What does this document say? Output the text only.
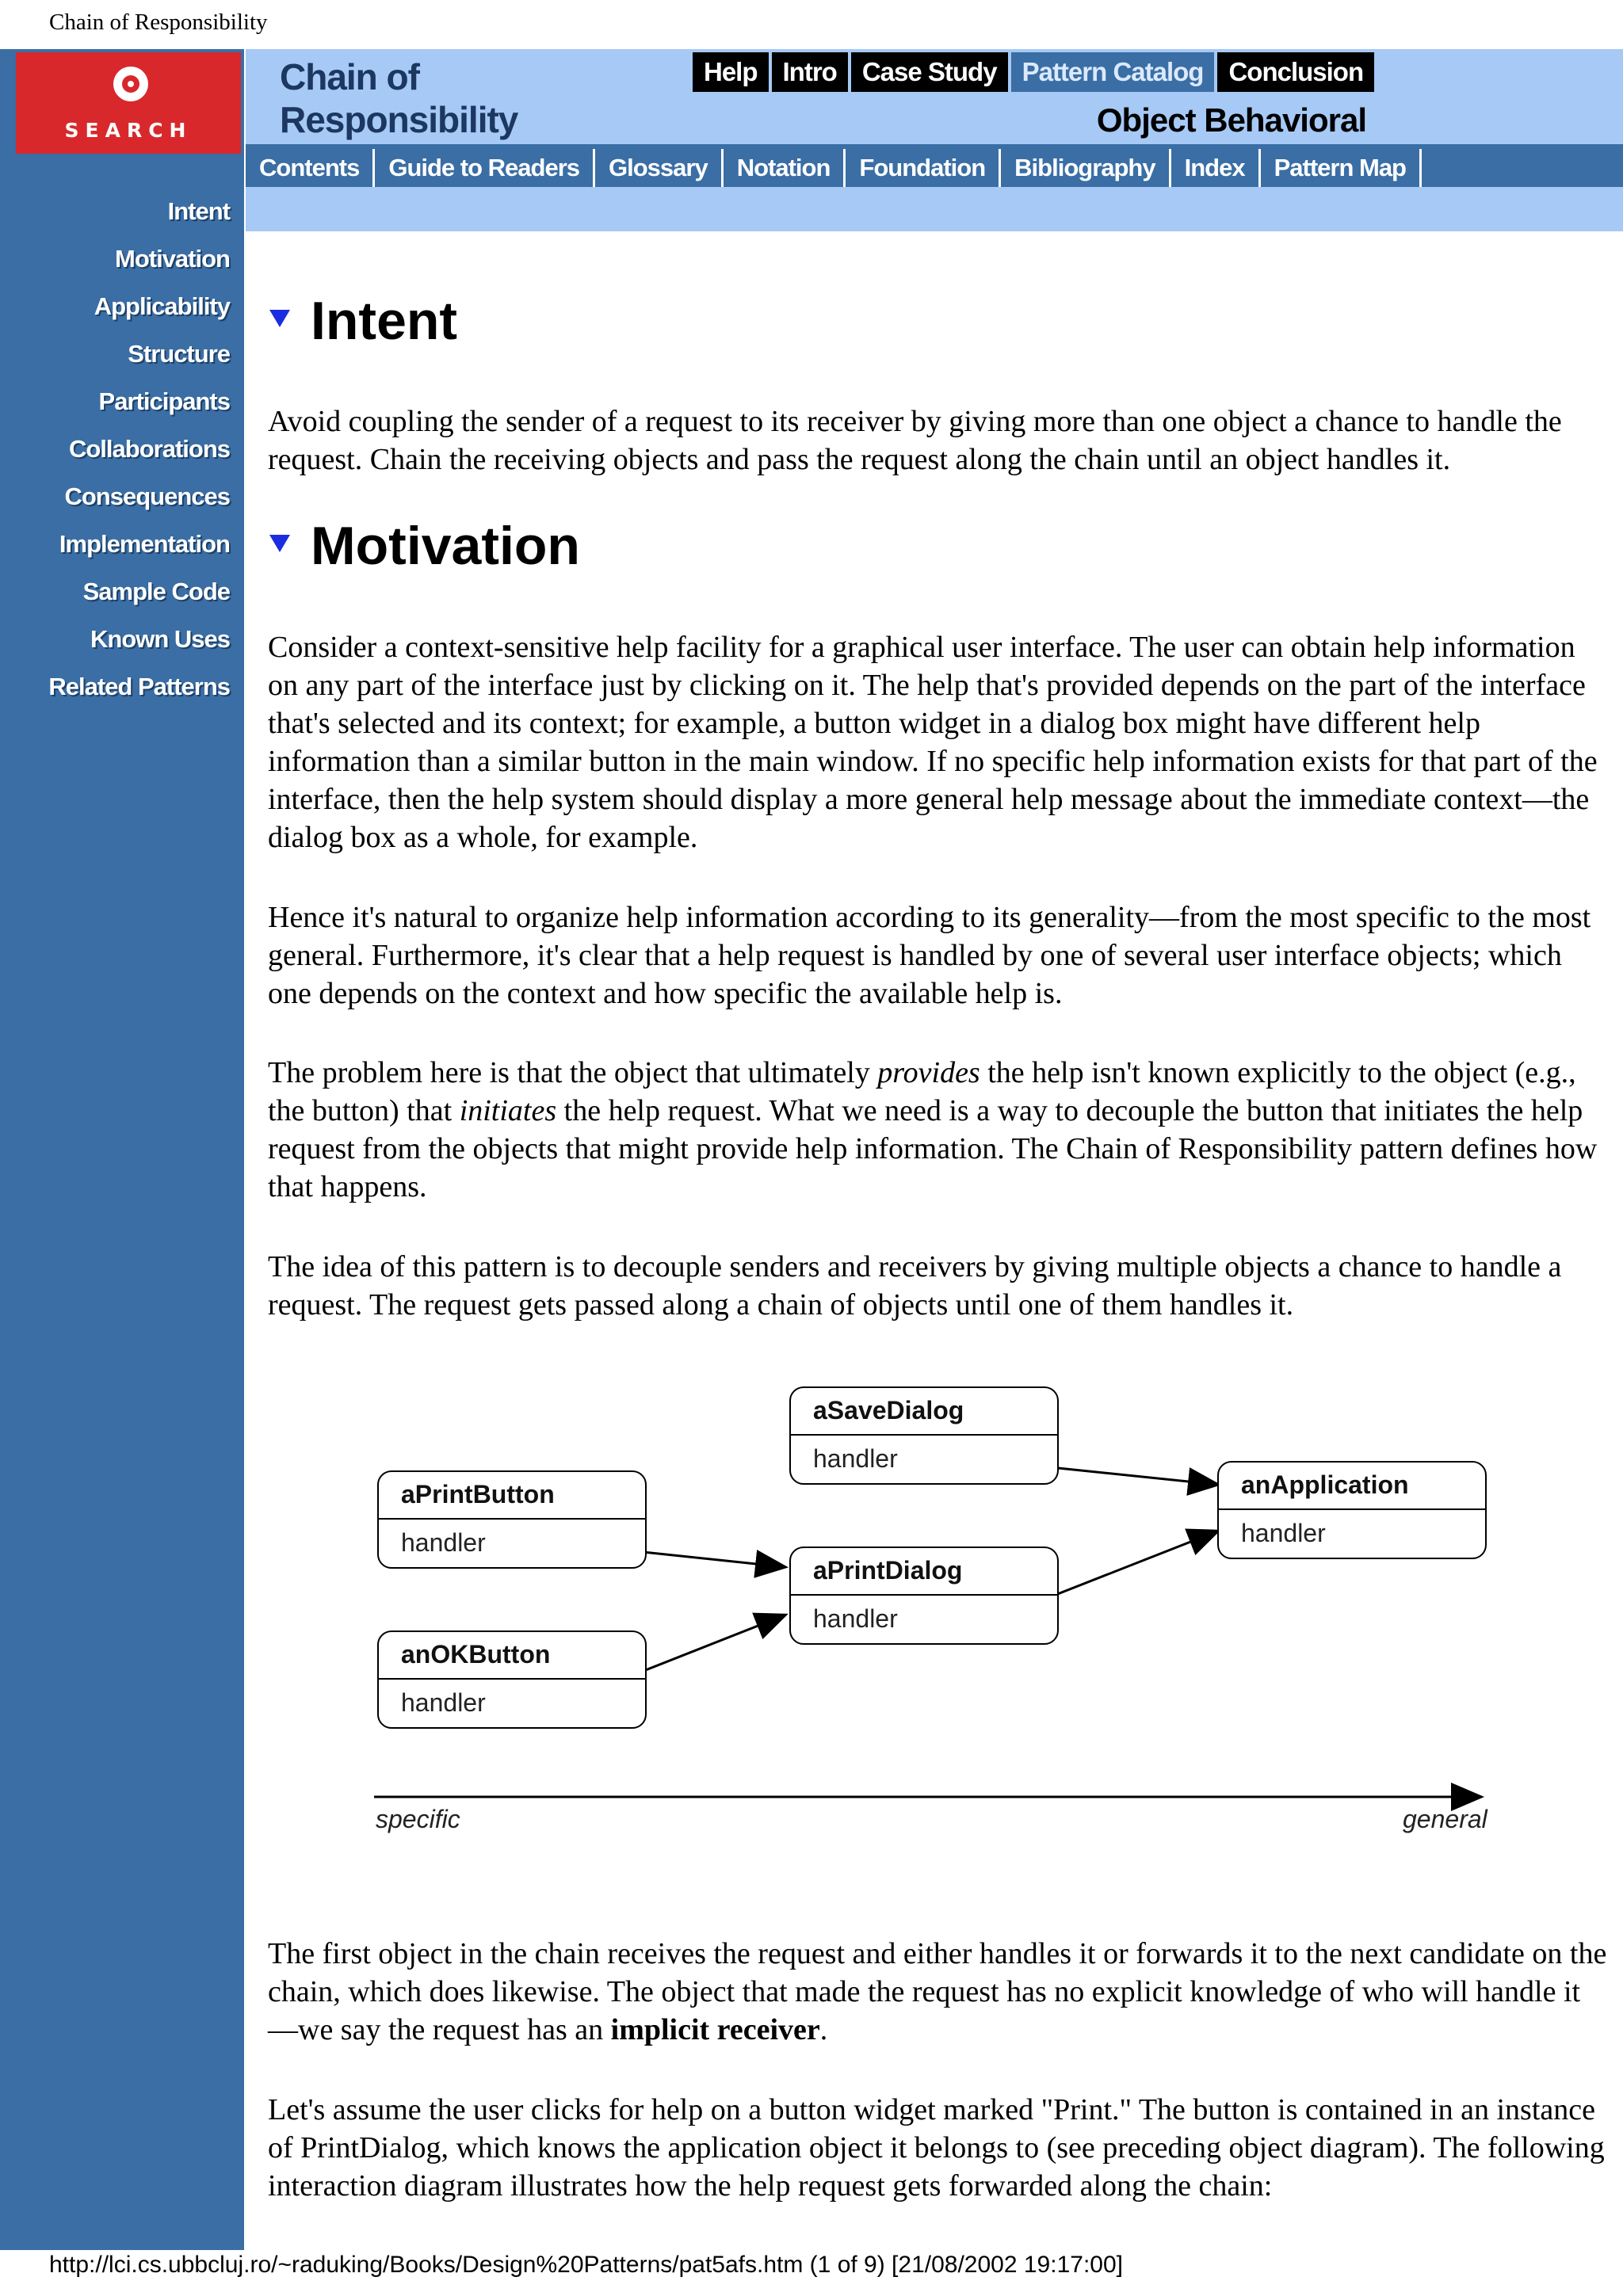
Chain of Responsibility
SEARCH
Intent
Motivation
Applicability
Structure
Participants
Collaborations
Consequences
Implementation
Sample Code
Known Uses
Related Patterns
Chain of
Responsibility
Help Intro Case Study Pattern Catalog Conclusion
Object Behavioral
Contents	Guide to Readers	Glossary	Notation	Foundation	Bibliography	Index	Pattern Map
Intent

Avoid coupling the sender of a request to its receiver by giving more than one object a chance to handle the request. Chain the receiving objects and pass the request along the chain until an object handles it.

Motivation

Consider a context-sensitive help facility for a graphical user interface. The user can obtain help information on any part of the interface just by clicking on it. The help that's provided depends on the part of the interface that's selected and its context; for example, a button widget in a dialog box might have different help information than a similar button in the main window. If no specific help information exists for that part of the interface, then the help system should display a more general help message about the immediate context—the dialog box as a whole, for example.

Hence it's natural to organize help information according to its generality—from the most specific to the most general. Furthermore, it's clear that a help request is handled by one of several user interface objects; which one depends on the context and how specific the available help is.

The problem here is that the object that ultimately provides the help isn't known explicitly to the object (e.g., the button) that initiates the help request. What we need is a way to decouple the button that initiates the help request from the objects that might provide help information. The Chain of Responsibility pattern defines how that happens.

The idea of this pattern is to decouple senders and receivers by giving multiple objects a chance to handle a request. The request gets passed along a chain of objects until one of them handles it.

aPrintButton
handler
anOKButton
handler
aSaveDialog
handler
aPrintDialog
handler
anApplication
handler
specific	general

The first object in the chain receives the request and either handles it or forwards it to the next candidate on the chain, which does likewise. The object that made the request has no explicit knowledge of who will handle it—we say the request has an implicit receiver.

Let's assume the user clicks for help on a button widget marked "Print." The button is contained in an instance of PrintDialog, which knows the application object it belongs to (see preceding object diagram). The following interaction diagram illustrates how the help request gets forwarded along the chain:

http://lci.cs.ubbcluj.ro/~raduking/Books/Design%20Patterns/pat5afs.htm (1 of 9) [21/08/2002 19:17:00]
